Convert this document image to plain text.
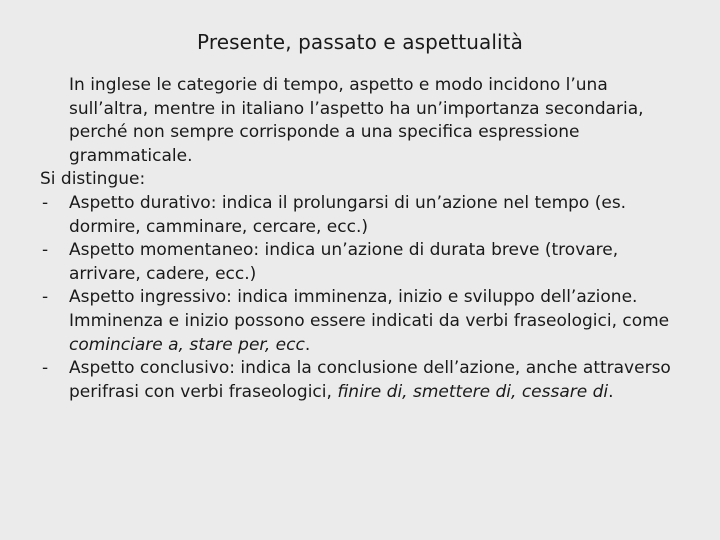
Presente, passato e aspettualità
In inglese le categorie di tempo, aspetto e modo incidono l’una sull’altra, mentre in italiano l’aspetto ha un’importanza secondaria, perché non sempre corrisponde a una specifica espressione grammaticale.
Si distingue:
- Aspetto durativo: indica il prolungarsi di un’azione nel tempo (es. dormire, camminare, cercare, ecc.)
- Aspetto momentaneo: indica un’azione di durata breve (trovare, arrivare, cadere, ecc.)
- Aspetto ingressivo: indica imminenza, inizio e sviluppo dell’azione. Imminenza e inizio possono essere indicati da verbi fraseologici, come cominciare a, stare per, ecc.
- Aspetto conclusivo: indica la conclusione dell’azione, anche attraverso perifrasi con verbi fraseologici, finire di, smettere di, cessare di.
